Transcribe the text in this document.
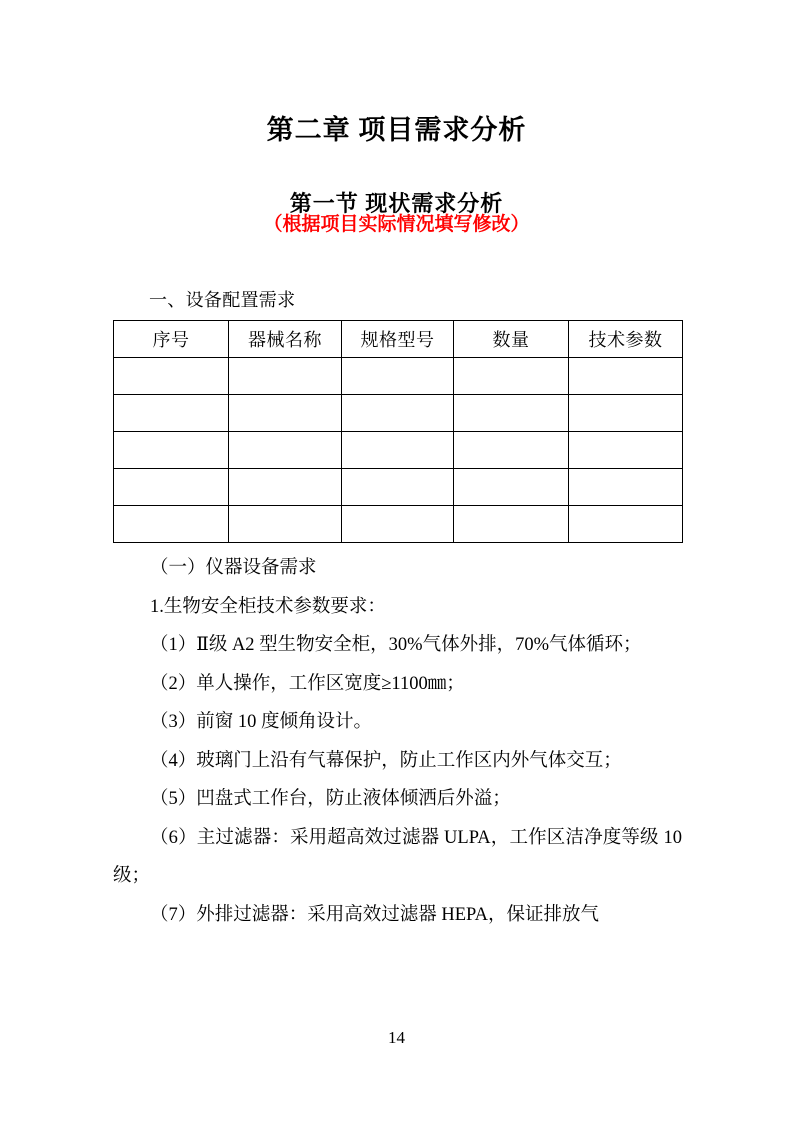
第二章 项目需求分析
第一节 现状需求分析
（根据项目实际情况填写修改）

一、设备配置需求

序号	器械名称	规格型号	数量	技术参数

（一）仪器设备需求

1.生物安全柜技术参数要求：

（1）Ⅱ级 A2 型生物安全柜，30%气体外排，70%气体循环；

（2）单人操作，工作区宽度≥1100㎜；

（3）前窗 10 度倾角设计。

（4）玻璃门上沿有气幕保护，防止工作区内外气体交互；

（5）凹盘式工作台，防止液体倾洒后外溢；

（6）主过滤器：采用超高效过滤器 ULPA，工作区洁净度等级 10 级；

（7）外排过滤器：采用高效过滤器 HEPA，保证排放气

14
